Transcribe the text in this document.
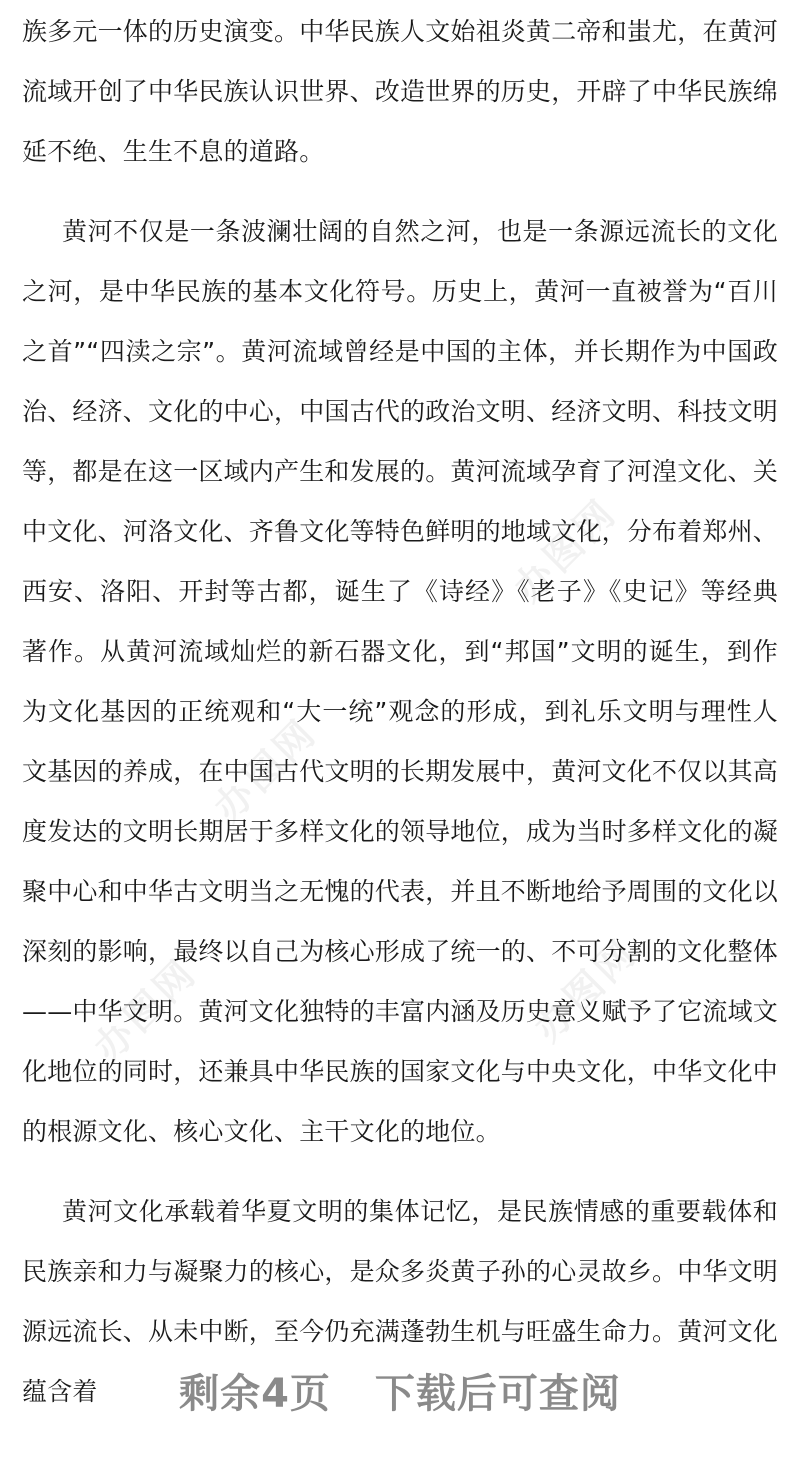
办图网
办图网
办图网	办图网

族多元一体的历史演变。中华民族人文始祖炎黄二帝和蚩尤，在黄河流域开创了中华民族认识世界、改造世界的历史，开辟了中华民族绵延不绝、生生不息的道路。

黄河不仅是一条波澜壮阔的自然之河，也是一条源远流长的文化之河，是中华民族的基本文化符号。历史上，黄河一直被誉为“百川之首”“四渎之宗”。黄河流域曾经是中国的主体，并长期作为中国政治、经济、文化的中心，中国古代的政治文明、经济文明、科技文明等，都是在这一区域内产生和发展的。黄河流域孕育了河湟文化、关中文化、河洛文化、齐鲁文化等特色鲜明的地域文化，分布着郑州、西安、洛阳、开封等古都，诞生了《诗经》《老子》《史记》等经典著作。从黄河流域灿烂的新石器文化，到“邦国”文明的诞生，到作为文化基因的正统观和“大一统”观念的形成，到礼乐文明与理性人文基因的养成，在中国古代文明的长期发展中，黄河文化不仅以其高度发达的文明长期居于多样文化的领导地位，成为当时多样文化的凝聚中心和中华古文明当之无愧的代表，并且不断地给予周围的文化以深刻的影响，最终以自己为核心形成了统一的、不可分割的文化整体——中华文明。黄河文化独特的丰富内涵及历史意义赋予了它流域文化地位的同时，还兼具中华民族的国家文化与中央文化，中华文化中的根源文化、核心文化、主干文化的地位。

黄河文化承载着华夏文明的集体记忆，是民族情感的重要载体和民族亲和力与凝聚力的核心，是众多炎黄子孙的心灵故乡。中华文明源远流长、从未中断，至今仍充满蓬勃生机与旺盛生命力。黄河文化蕴含着	剩余4页 下载后可查阅
